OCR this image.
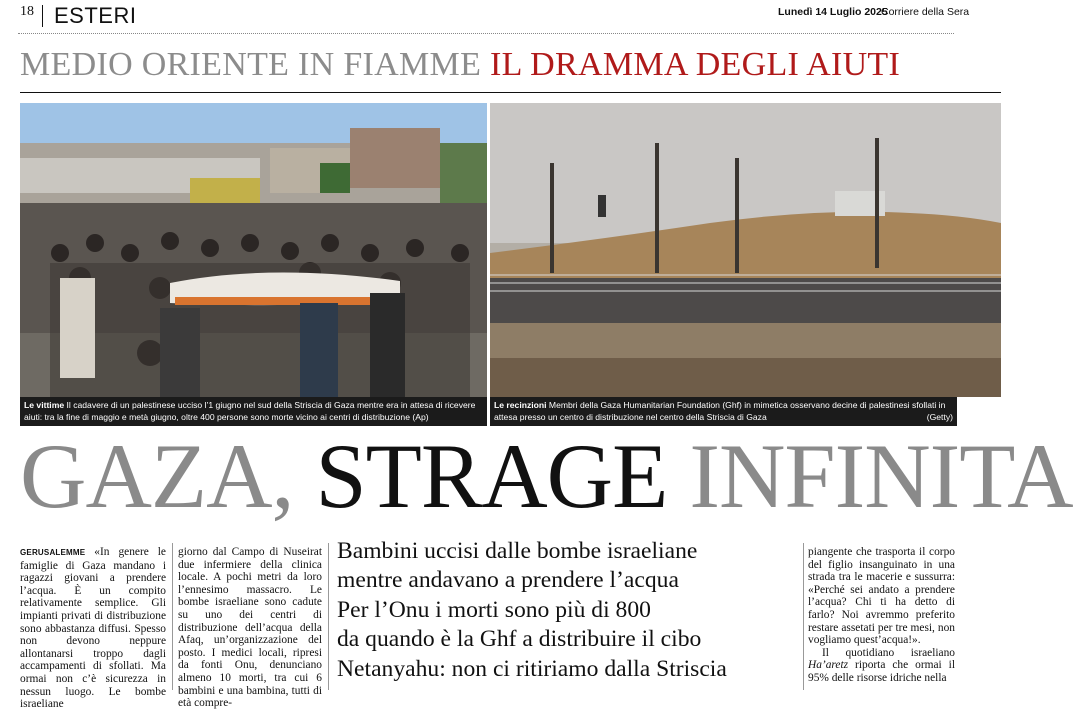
18 ESTERI	Lunedì 14 Luglio 2025
Corriere della Sera
MEDIO ORIENTE IN FIAMME IL DRAMMA DEGLI AIUTI
Le vittime Il cadavere di un palestinese ucciso l’1 giugno nel sud della Striscia di Gaza mentre era in attesa di ricevere aiuti: tra la fine di maggio e metà giugno, oltre 400 persone sono morte vicino ai centri di distribuzione (Ap)
Le recinzioni Membri della Gaza Humanitarian Foundation (Ghf) in mimetica osservano decine di palestinesi sfollati in attesa presso un centro di distribuzione nel centro della Striscia di Gaza	(Getty)
GAZA, STRAGE INFINITA
GERUSALEMME «In genere le famiglie di Gaza mandano i ragazzi giovani a prendere l’acqua. È un compito relativamente semplice. Gli impianti privati di distribuzione sono abbastanza diffusi. Spesso non devono neppure allontanarsi troppo dagli accampamenti di sfollati. Ma ormai non c’è sicurezza in nessun luogo. Le bombe israeliane
giorno dal Campo di Nuseirat due infermiere della clinica locale. A pochi metri da loro l’ennesimo massacro. Le bombe israeliane sono cadute su uno dei centri di distribuzione dell’acqua della Afaq, un’organizzazione del posto. I medici locali, ripresi da fonti Onu, denunciano almeno 10 morti, tra cui 6 bambini e una bambina, tutti di età compre-

Bambini uccisi dalle bombe israeliane

mentre andavano a prendere l’acqua

Per l’Onu i morti sono più di 800

da quando è la Ghf a distribuire il cibo

Netanyahu: non ci ritiriamo dalla Striscia

piangente che trasporta il corpo del figlio insanguinato in una strada tra le macerie e sussurra: «Perché sei andato a prendere l’acqua? Chi ti ha detto di farlo? Noi avremmo preferito restare assetati per tre mesi, non vogliamo quest’acqua!».
Il quotidiano israeliano Ha’aretz riporta che ormai il 95% delle risorse idriche nella
